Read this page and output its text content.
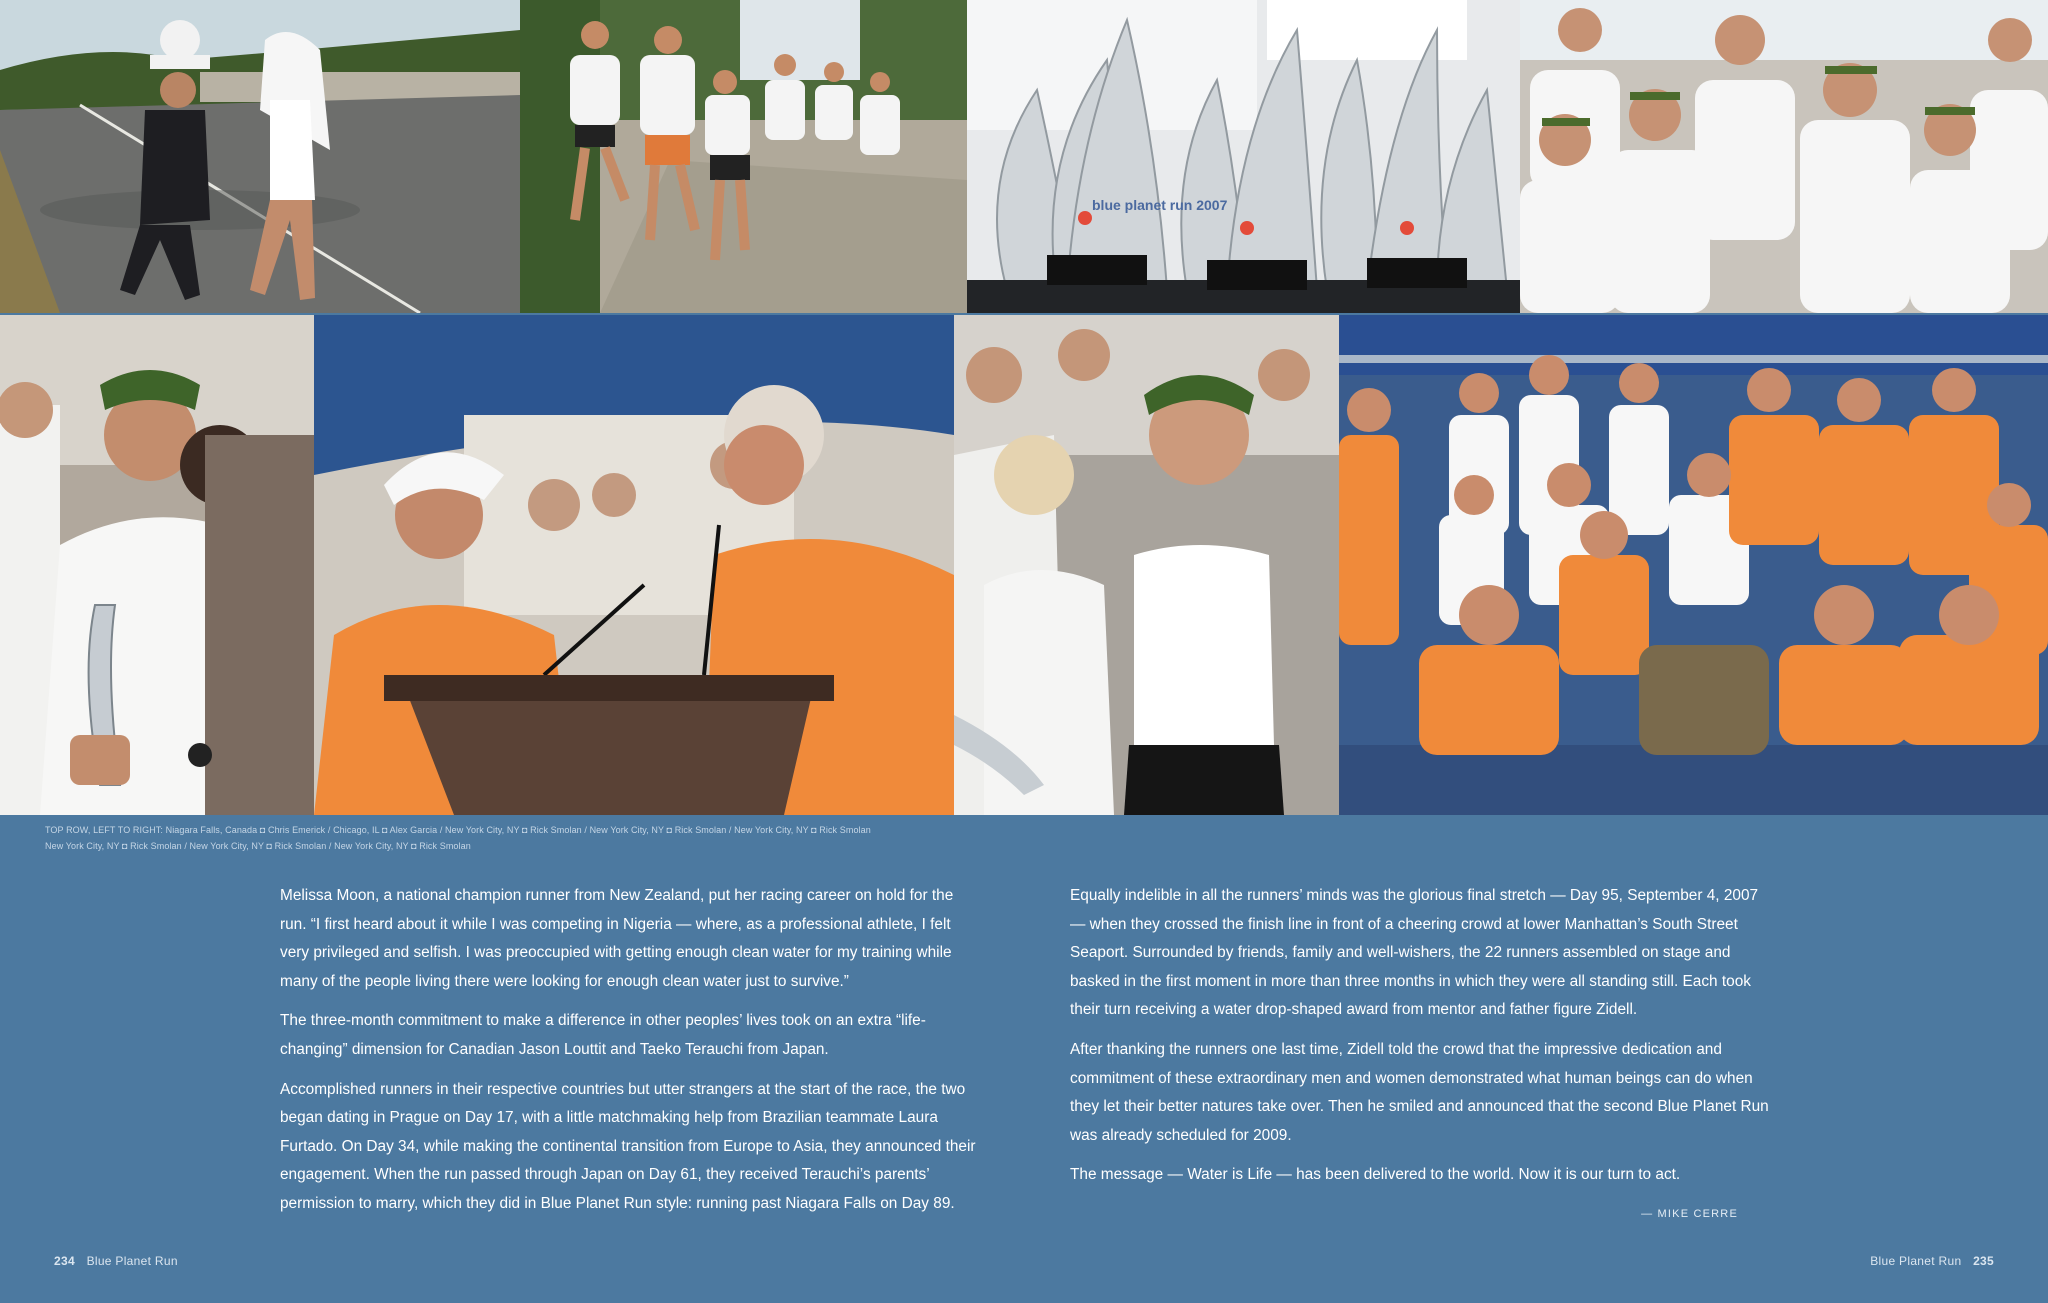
blue planet run 2007
TOP ROW, LEFT TO RIGHT: Niagara Falls, Canada ◘ Chris Emerick / Chicago, IL ◘ Alex Garcia / New York City, NY ◘ Rick Smolan / New York City, NY ◘ Rick Smolan / New York City, NY ◘ Rick Smolan
New York City, NY ◘ Rick Smolan / New York City, NY ◘ Rick Smolan / New York City, NY ◘ Rick Smolan

Melissa Moon, a national champion runner from New Zealand, put her racing career on hold for the run. “I first heard about it while I was competing in Nigeria — where, as a professional athlete, I felt very privileged and selfish. I was preoccupied with getting enough clean water for my training while many of the people living there were looking for enough clean water just to survive.”

The three-month commitment to make a difference in other peoples’ lives took on an extra “life-changing” dimension for Canadian Jason Louttit and Taeko Terauchi from Japan.

Accomplished runners in their respective countries but utter strangers at the start of the race, the two began dating in Prague on Day 17, with a little matchmaking help from Brazilian teammate Laura Furtado. On Day 34, while making the continental transition from Europe to Asia, they announced their engagement. When the run passed through Japan on Day 61, they received Terauchi’s parents’ permission to marry, which they did in Blue Planet Run style: running past Niagara Falls on Day 89.

Equally indelible in all the runners’ minds was the glorious final stretch — Day 95, September 4, 2007 — when they crossed the finish line in front of a cheering crowd at lower Manhattan’s South Street Seaport. Surrounded by friends, family and well-wishers, the 22 runners assembled on stage and basked in the first moment in more than three months in which they were all standing still. Each took their turn receiving a water drop-shaped award from mentor and father figure Zidell.

After thanking the runners one last time, Zidell told the crowd that the impressive dedication and commitment of these extraordinary men and women demonstrated what human beings can do when they let their better natures take over. Then he smiled and announced that the second Blue Planet Run was already scheduled for 2009.

The message — Water is Life — has been delivered to the world. Now it is our turn to act.

— MIKE CERRE
234 Blue Planet Run	Blue Planet Run 235
